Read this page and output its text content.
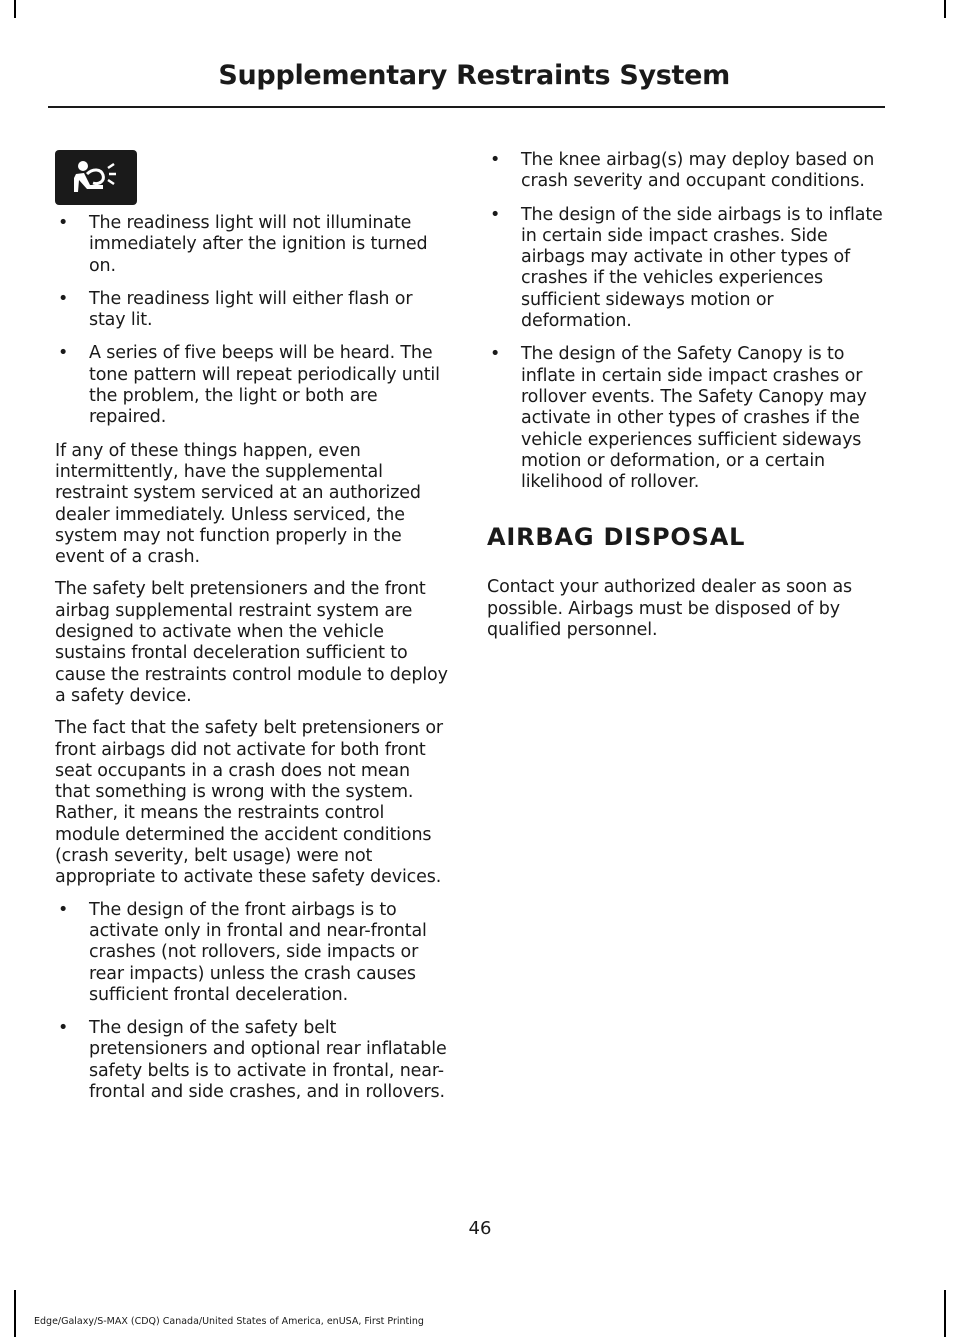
Supplementary Restraints System
• The readiness light will not illuminate immediately after the ignition is turned on.
• The readiness light will either flash or stay lit.
• A series of five beeps will be heard. The tone pattern will repeat periodically until the problem, the light or both are repaired.

If any of these things happen, even intermittently, have the supplemental restraint system serviced at an authorized dealer immediately. Unless serviced, the system may not function properly in the event of a crash.

The safety belt pretensioners and the front airbag supplemental restraint system are designed to activate when the vehicle sustains frontal deceleration sufficient to cause the restraints control module to deploy a safety device.

The fact that the safety belt pretensioners or front airbags did not activate for both front seat occupants in a crash does not mean that something is wrong with the system. Rather, it means the restraints control module determined the accident conditions (crash severity, belt usage) were not appropriate to activate these safety devices.

• The design of the front airbags is to activate only in frontal and near-frontal crashes (not rollovers, side impacts or rear impacts) unless the crash causes sufficient frontal deceleration.
• The design of the safety belt pretensioners and optional rear inflatable safety belts is to activate in frontal, near-frontal and side crashes, and in rollovers.
• The knee airbag(s) may deploy based on crash severity and occupant conditions.
• The design of the side airbags is to inflate in certain side impact crashes. Side airbags may activate in other types of crashes if the vehicles experiences sufficient sideways motion or deformation.
• The design of the Safety Canopy is to inflate in certain side impact crashes or rollover events. The Safety Canopy may activate in other types of crashes if the vehicle experiences sufficient sideways motion or deformation, or a certain likelihood of rollover.
AIRBAG DISPOSAL

Contact your authorized dealer as soon as possible. Airbags must be disposed of by qualified personnel.

46
Edge/Galaxy/S-MAX (CDQ) Canada/United States of America, enUSA, First Printing
